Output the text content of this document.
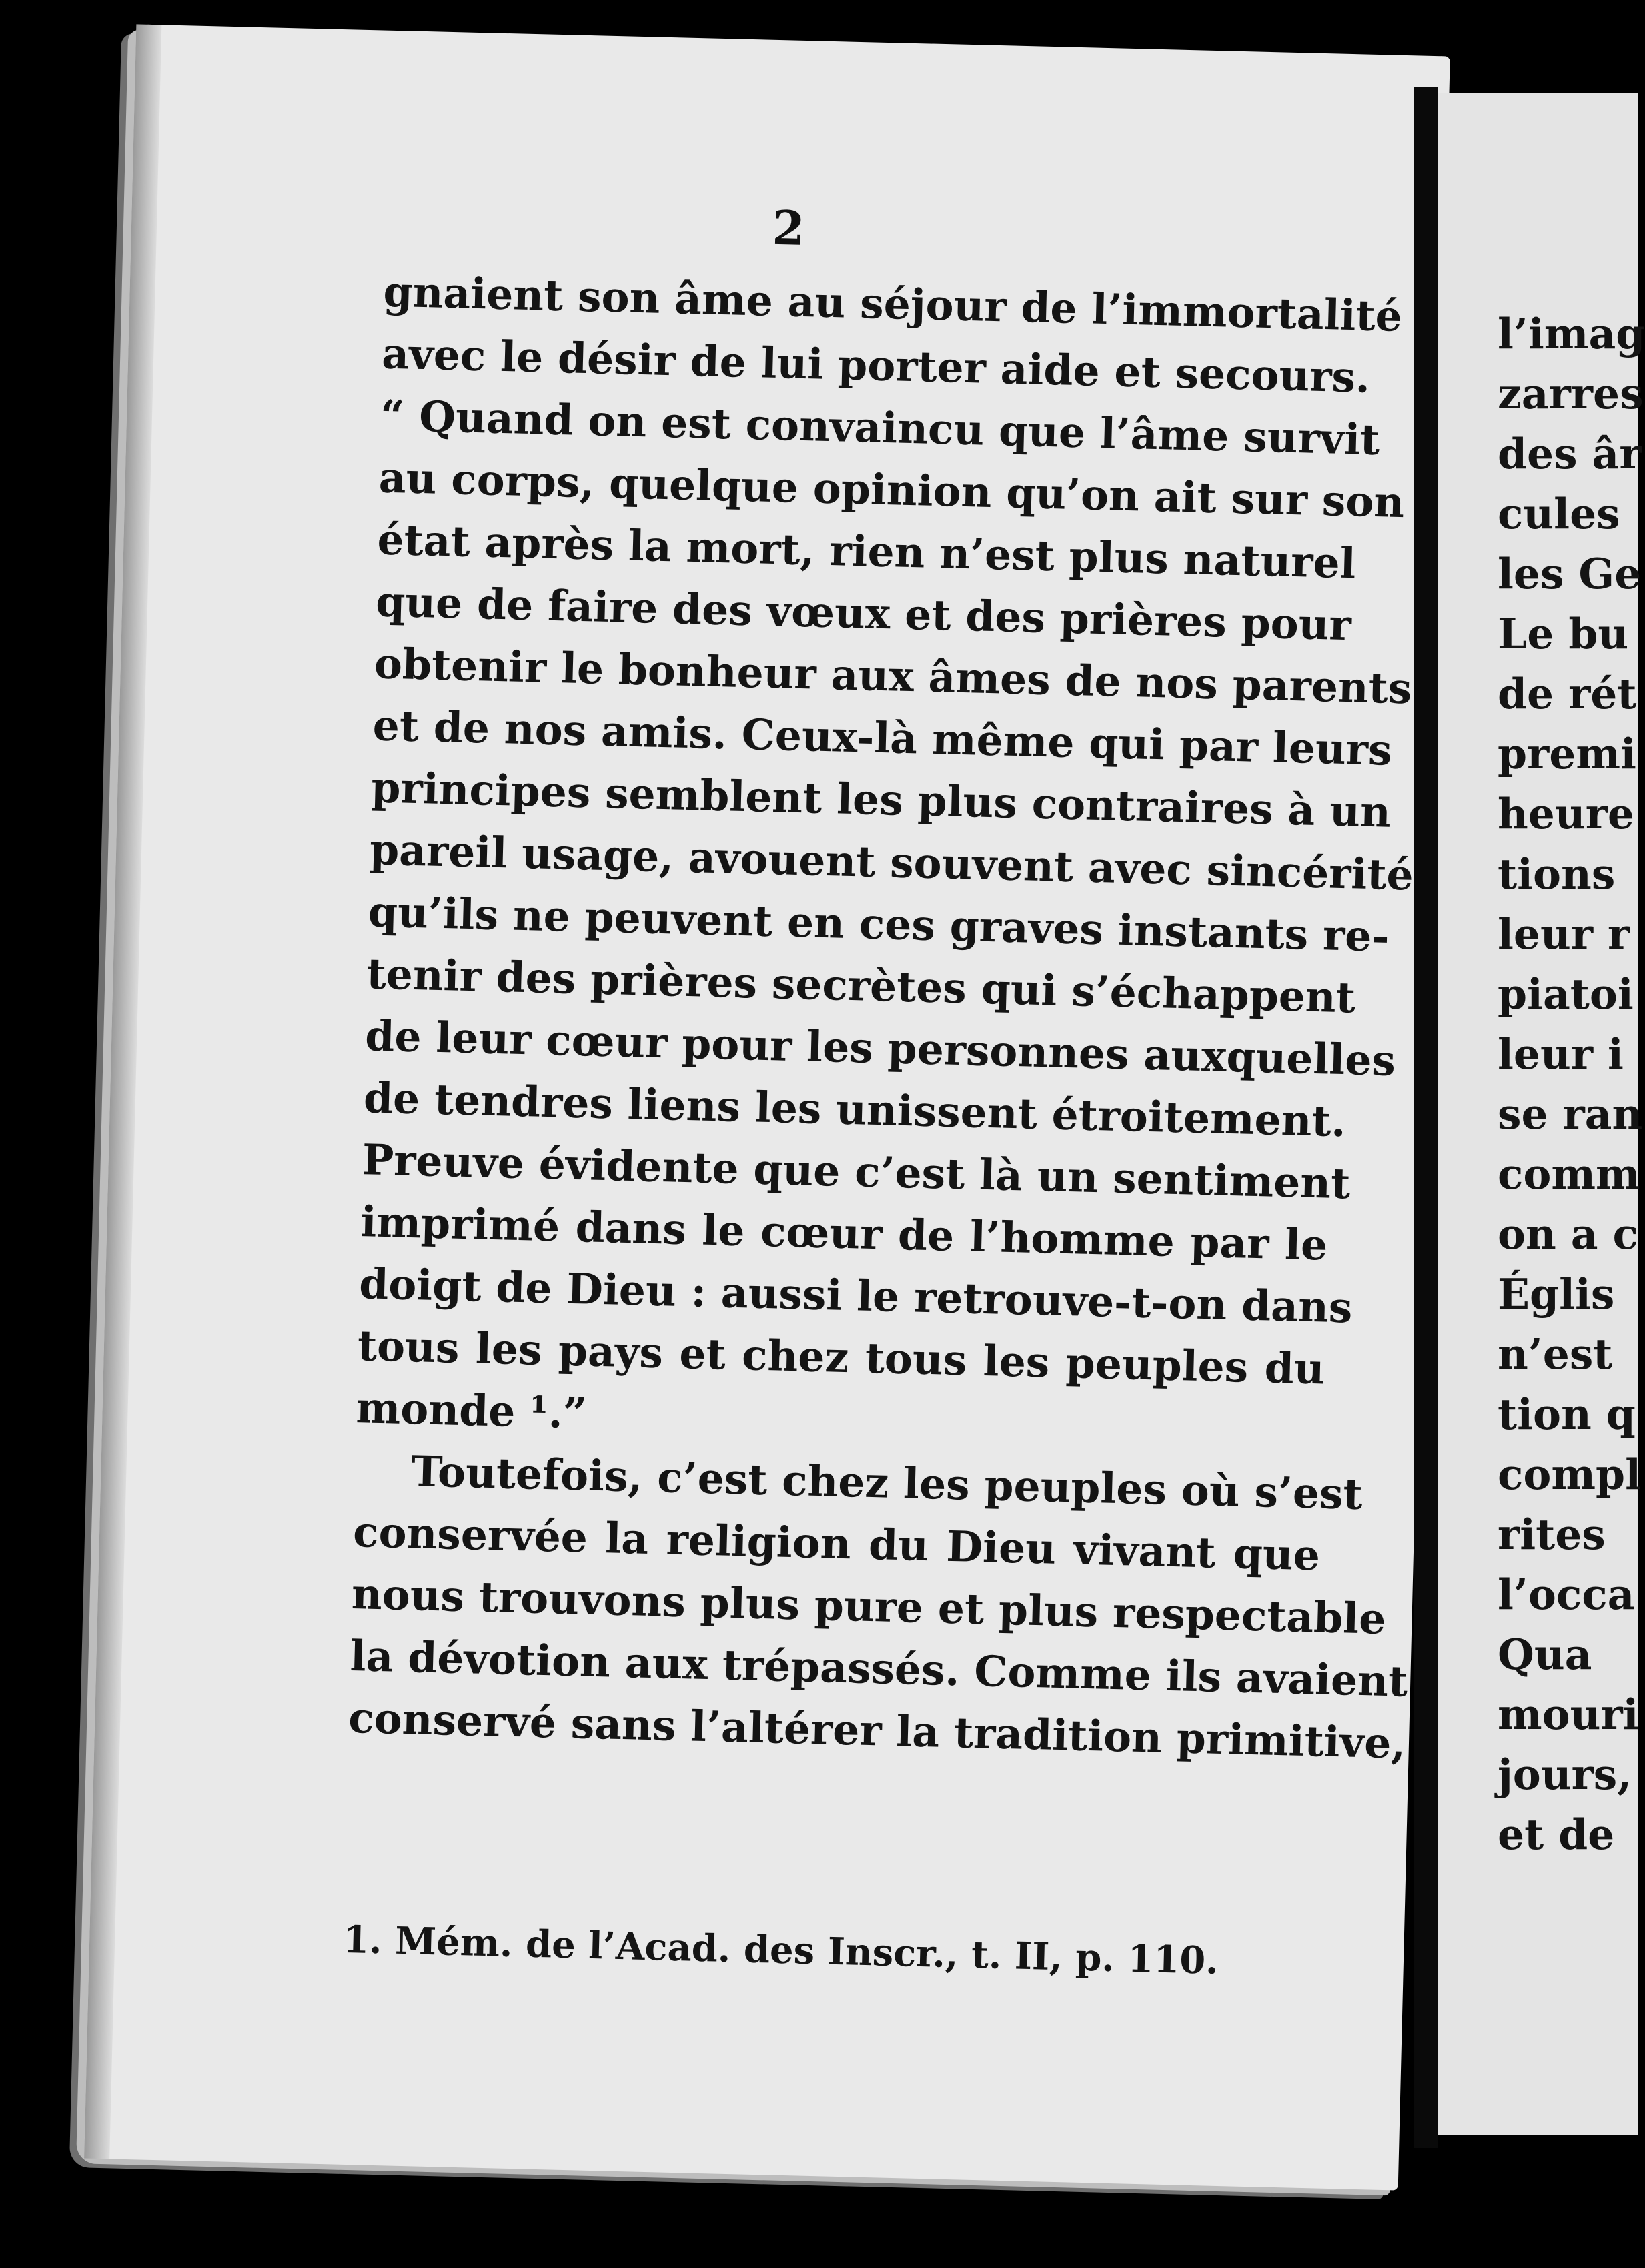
2
gnaient son âme au séjour de l’immortalité
avec le désir de lui porter aide et secours.
“ Quand on est convaincu que l’âme survit
au corps, quelque opinion qu’on ait sur son
état après la mort, rien n’est plus naturel
que de faire des vœux et des prières pour
obtenir le bonheur aux âmes de nos parents
et de nos amis. Ceux-là même qui par leurs
principes semblent les plus contraires à un
pareil usage, avouent souvent avec sincérité
qu’ils ne peuvent en ces graves instants re-
tenir des prières secrètes qui s’échappent
de leur cœur pour les personnes auxquelles
de tendres liens les unissent étroitement.
Preuve évidente que c’est là un sentiment
imprimé dans le cœur de l’homme par le
doigt de Dieu : aussi le retrouve-t-on dans
tous les pays et chez tous les peuples du
monde ¹.”
Toutefois, c’est chez les peuples où s’est
conservée la religion du Dieu vivant que
nous trouvons plus pure et plus respectable
la dévotion aux trépassés. Comme ils avaient
conservé sans l’altérer la tradition primitive,
1. Mém. de l’Acad. des Inscr., t. II, p. 110.
l’imag
zarres
des âr
cules
les Ge
Le bu
de rét
premi
heure
tions
leur r
piatoi
leur i
se ran
comm
on a c
Églis
n’est
tion q
compl
rites
l’occa
Qua
mouri
jours,
et de
